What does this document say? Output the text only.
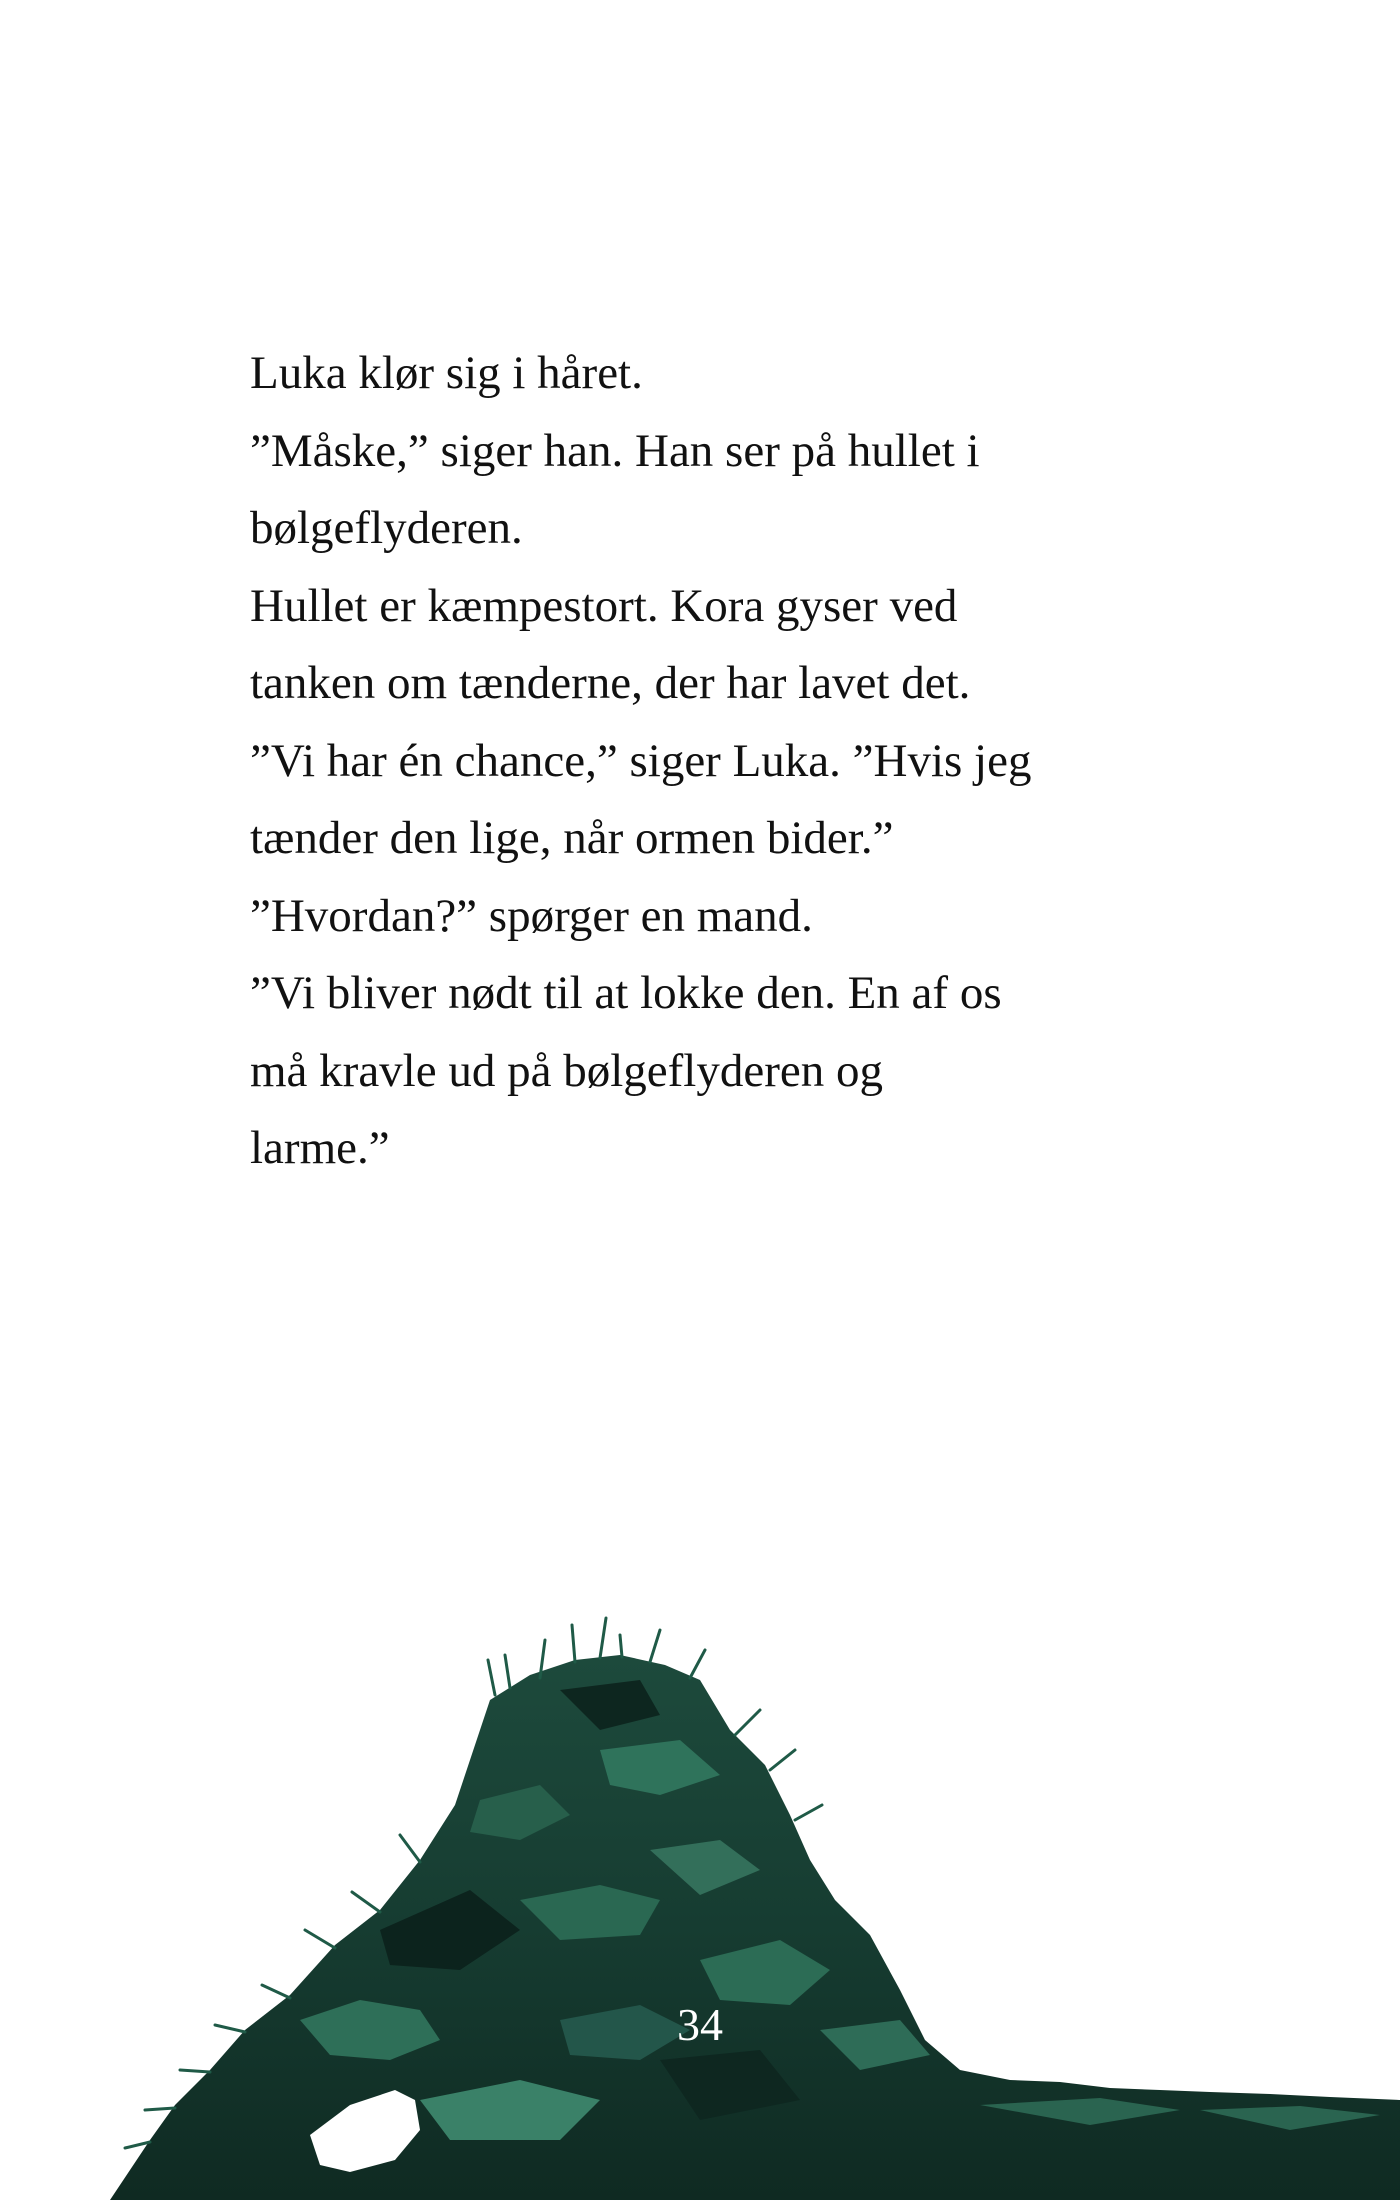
Luka klør sig i håret.
”Måske,” siger han. Han ser på hullet i
bølgeflyderen.
Hullet er kæmpestort. Kora gyser ved
tanken om tænderne, der har lavet det.
”Vi har én chance,” siger Luka. ”Hvis jeg
tænder den lige, når ormen bider.”
”Hvordan?” spørger en mand.
”Vi bliver nødt til at lokke den. En af os
må kravle ud på bølgeflyderen og
larme.”
34
